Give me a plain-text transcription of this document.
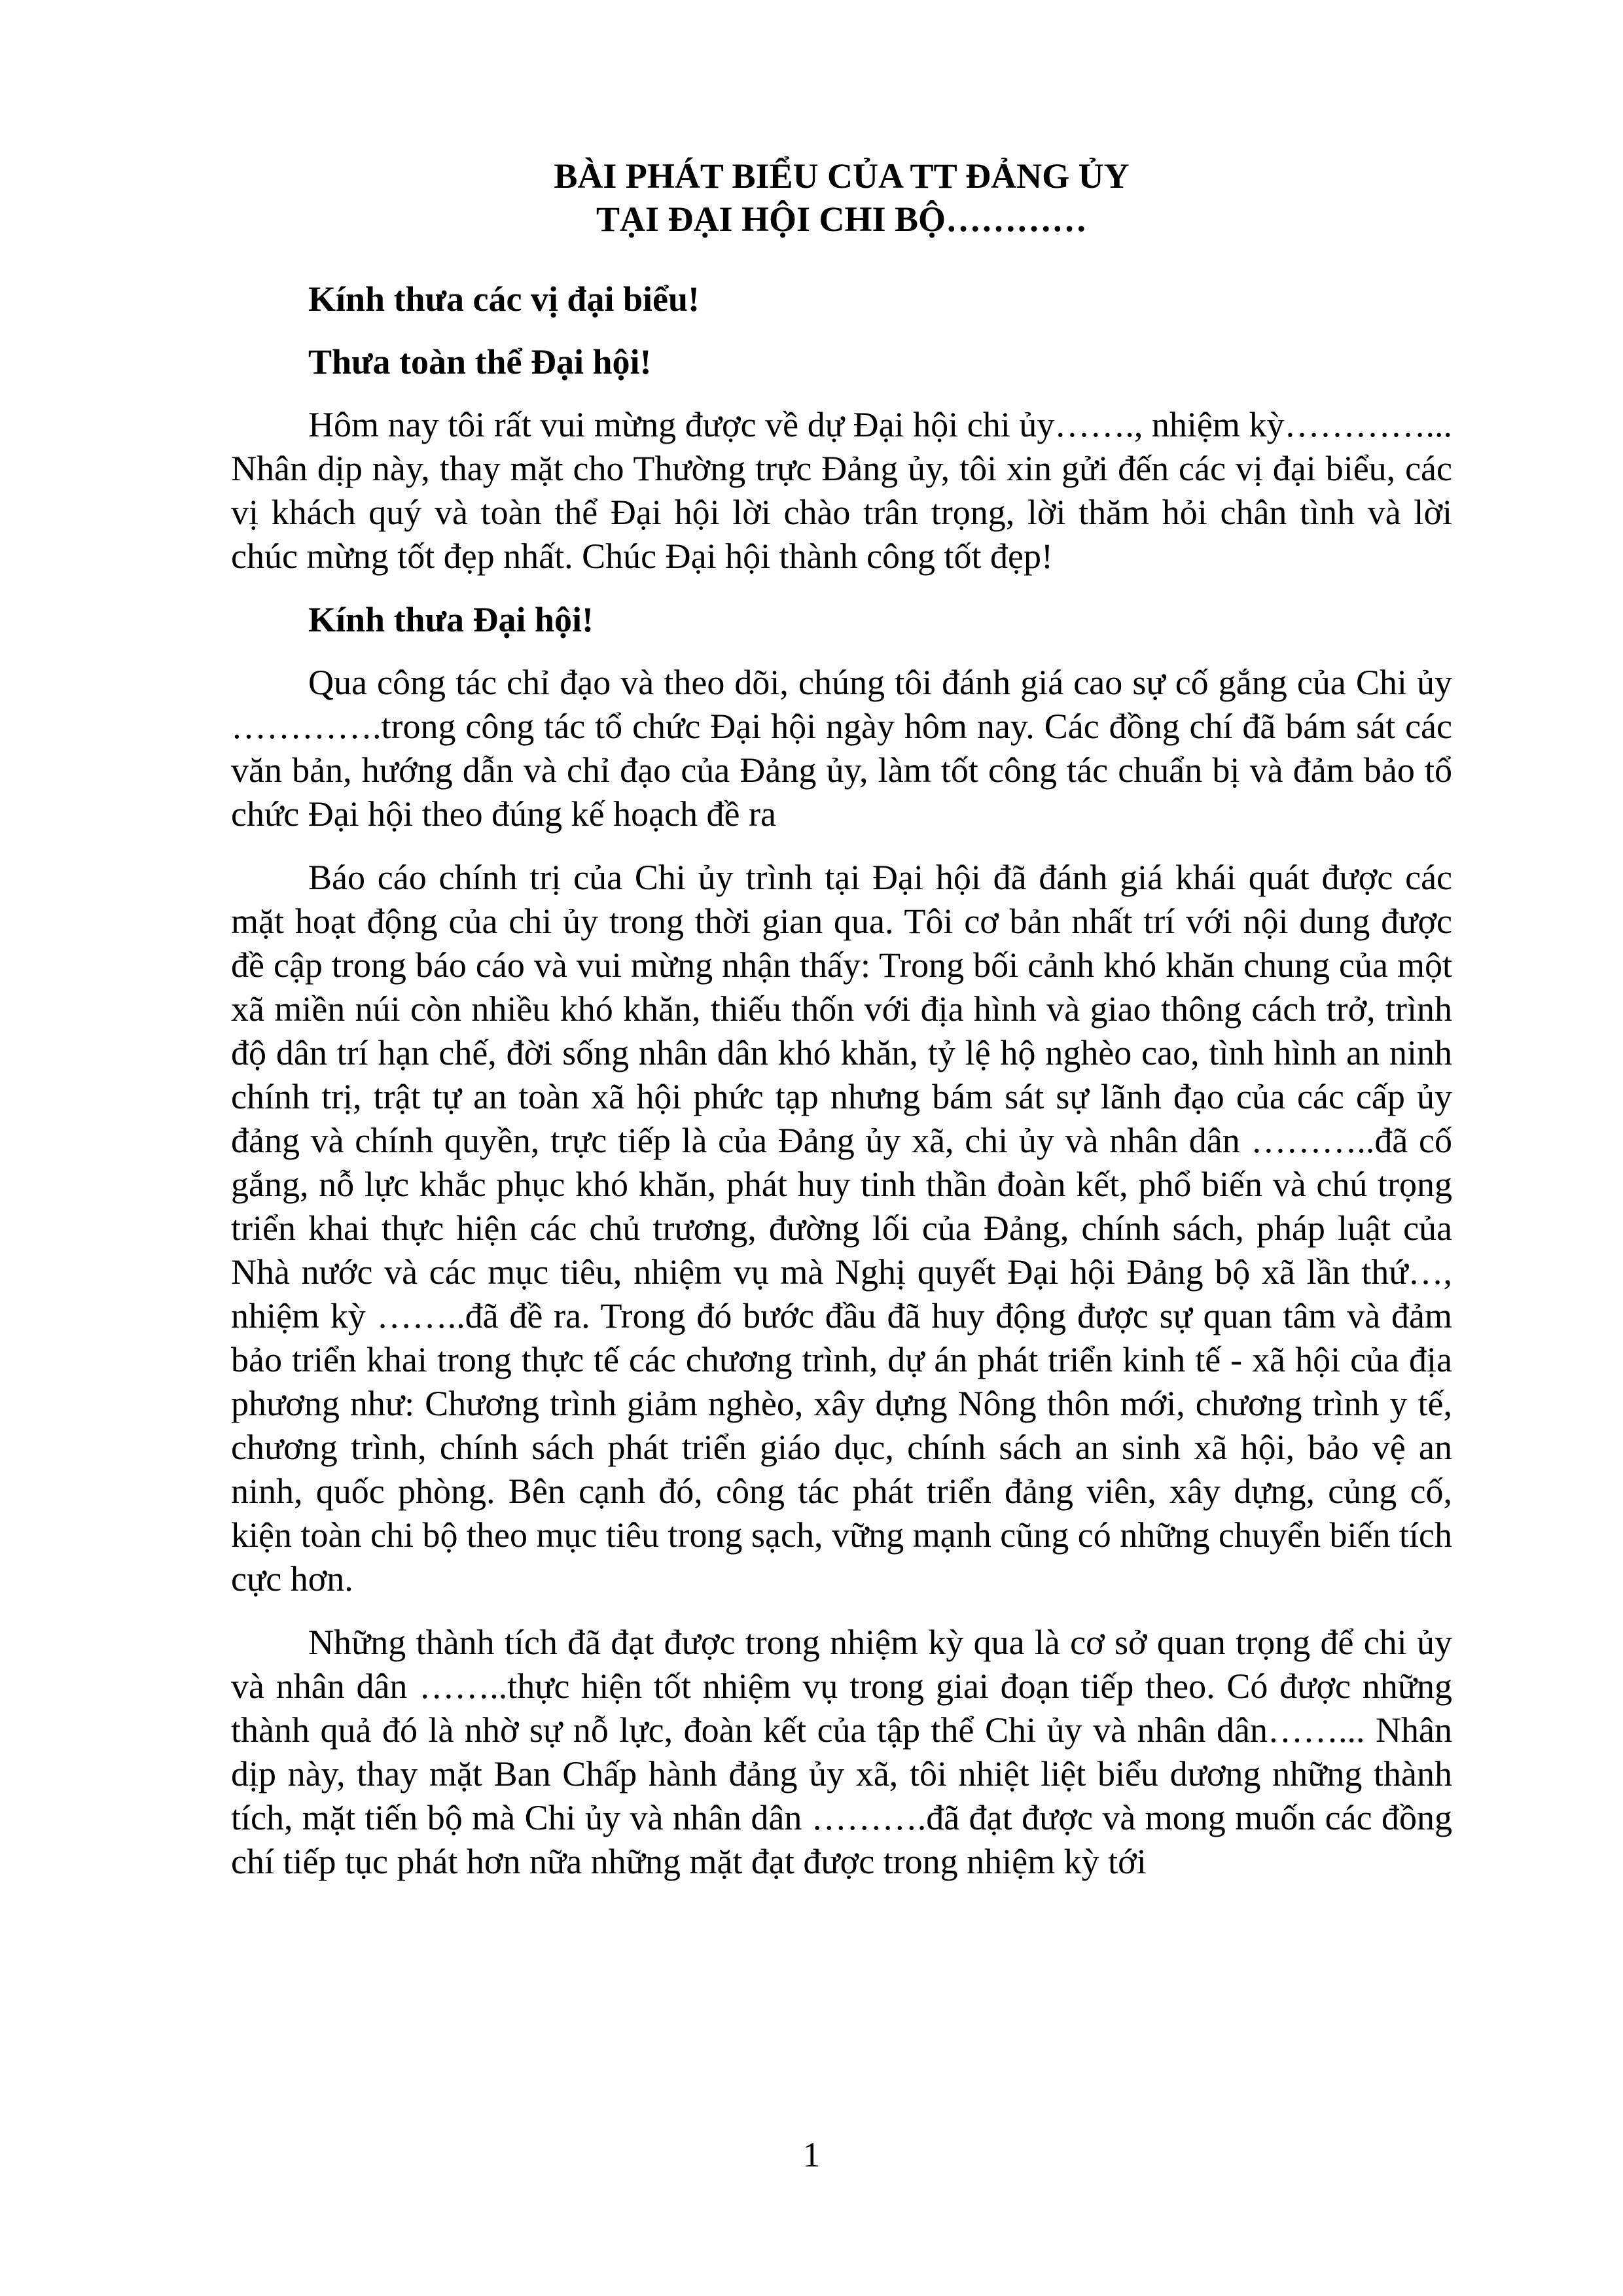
BÀI PHÁT BIỂU CỦA TT ĐẢNG ỦY

TẠI ĐẠI HỘI CHI BỘ…………

Kính thưa các vị đại biểu!

Thưa toàn thể Đại hội!

Hôm nay tôi rất vui mừng được về dự Đại hội chi ủy……., nhiệm kỳ…………... Nhân dịp này, thay mặt cho Thường trực Đảng ủy, tôi xin gửi đến các vị đại biểu, các vị khách quý và toàn thể Đại hội lời chào trân trọng, lời thăm hỏi chân tình và lời chúc mừng tốt đẹp nhất. Chúc Đại hội thành công tốt đẹp!

Kính thưa Đại hội!

Qua công tác chỉ đạo và theo dõi, chúng tôi đánh giá cao sự cố gắng của Chi ủy ………….trong công tác tổ chức Đại hội ngày hôm nay. Các đồng chí đã bám sát các văn bản, hướng dẫn và chỉ đạo của Đảng ủy, làm tốt công tác chuẩn bị và đảm bảo tổ chức Đại hội theo đúng kế hoạch đề ra

Báo cáo chính trị của Chi ủy trình tại Đại hội đã đánh giá khái quát được các mặt hoạt động của chi ủy trong thời gian qua. Tôi cơ bản nhất trí với nội dung được đề cập trong báo cáo và vui mừng nhận thấy: Trong bối cảnh khó khăn chung của một xã miền núi còn nhiều khó khăn, thiếu thốn với địa hình và giao thông cách trở, trình độ dân trí hạn chế, đời sống nhân dân khó khăn, tỷ lệ hộ nghèo cao, tình hình an ninh chính trị, trật tự an toàn xã hội phức tạp nhưng bám sát sự lãnh đạo của các cấp ủy đảng và chính quyền, trực tiếp là của Đảng ủy xã, chi ủy và nhân dân ………..đã cố gắng, nỗ lực khắc phục khó khăn, phát huy tinh thần đoàn kết, phổ biến và chú trọng triển khai thực hiện các chủ trương, đường lối của Đảng, chính sách, pháp luật của Nhà nước và các mục tiêu, nhiệm vụ mà Nghị quyết Đại hội Đảng bộ xã lần thứ…, nhiệm kỳ ……..đã đề ra. Trong đó bước đầu đã huy động được sự quan tâm và đảm bảo triển khai trong thực tế các chương trình, dự án phát triển kinh tế - xã hội của địa phương như: Chương trình giảm nghèo, xây dựng Nông thôn mới, chương trình y tế, chương trình, chính sách phát triển giáo dục, chính sách an sinh xã hội, bảo vệ an ninh, quốc phòng. Bên cạnh đó, công tác phát triển đảng viên, xây dựng, củng cố, kiện toàn chi bộ theo mục tiêu trong sạch, vững mạnh cũng có những chuyển biến tích cực hơn.

Những thành tích đã đạt được trong nhiệm kỳ qua là cơ sở quan trọng để chi ủy và nhân dân ……..thực hiện tốt nhiệm vụ trong giai đoạn tiếp theo. Có được những thành quả đó là nhờ sự nỗ lực, đoàn kết của tập thể Chi ủy và nhân dân……... Nhân dịp này, thay mặt Ban Chấp hành đảng ủy xã, tôi nhiệt liệt biểu dương những thành tích, mặt tiến bộ mà Chi ủy và nhân dân ……….đã đạt được và mong muốn các đồng chí tiếp tục phát hơn nữa những mặt đạt được trong nhiệm kỳ tới

1
